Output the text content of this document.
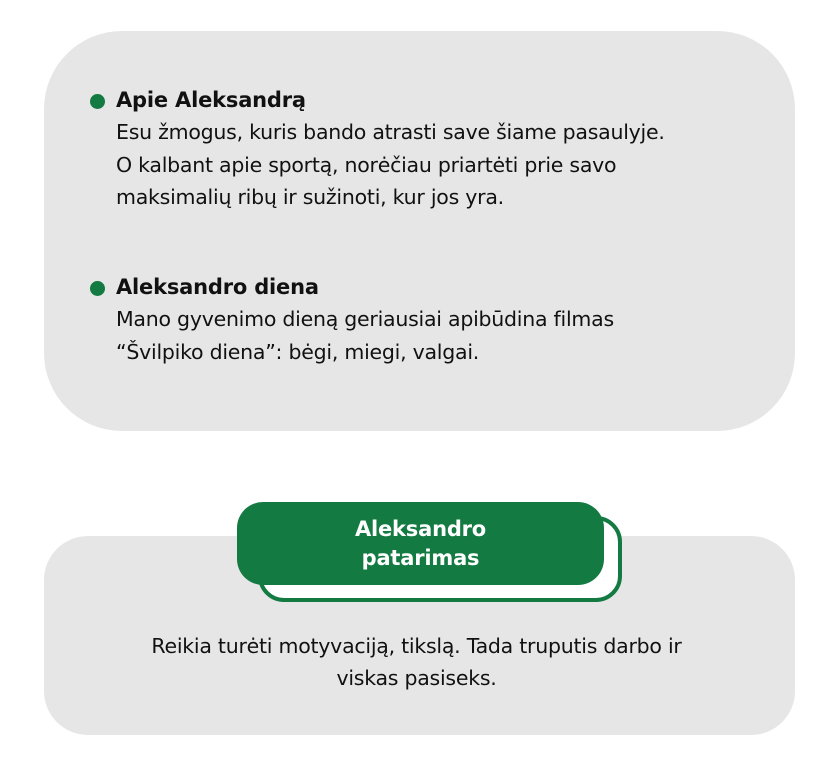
Apie Aleksandrą
Esu žmogus, kuris bando atrasti save šiame pasaulyje.
O kalbant apie sportą, norėčiau priartėti prie savo
maksimalių ribų ir sužinoti, kur jos yra.
Aleksandro diena
Mano gyvenimo dieną geriausiai apibūdina filmas
“Švilpiko diena”: bėgi, miegi, valgai.
Aleksandro
patarimas
Reikia turėti motyvaciją, tikslą. Tada truputis darbo ir
viskas pasiseks.
